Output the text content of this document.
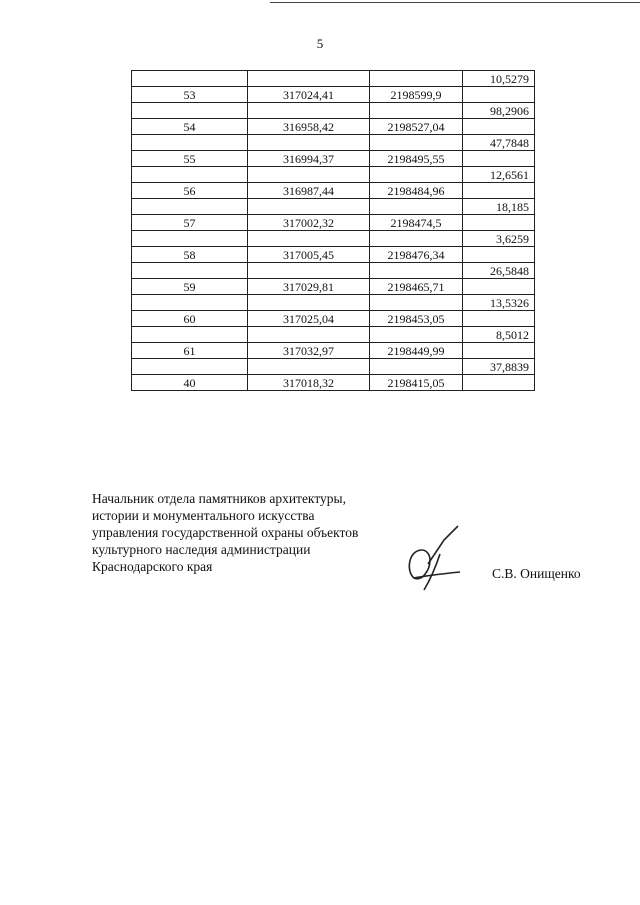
5
			10,5279
53	317024,41	2198599,9	
			98,2906
54	316958,42	2198527,04	
			47,7848
55	316994,37	2198495,55	
			12,6561
56	316987,44	2198484,96	
			18,185
57	317002,32	2198474,5	
			3,6259
58	317005,45	2198476,34	
			26,5848
59	317029,81	2198465,71	
			13,5326
60	317025,04	2198453,05	
			8,5012
61	317032,97	2198449,99	
			37,8839
40	317018,32	2198415,05	
Начальник отдела памятников архитектуры,
истории и монументального искусства
управления государственной охраны объектов
культурного наследия администрации
Краснодарского края	С.В. Онищенко
